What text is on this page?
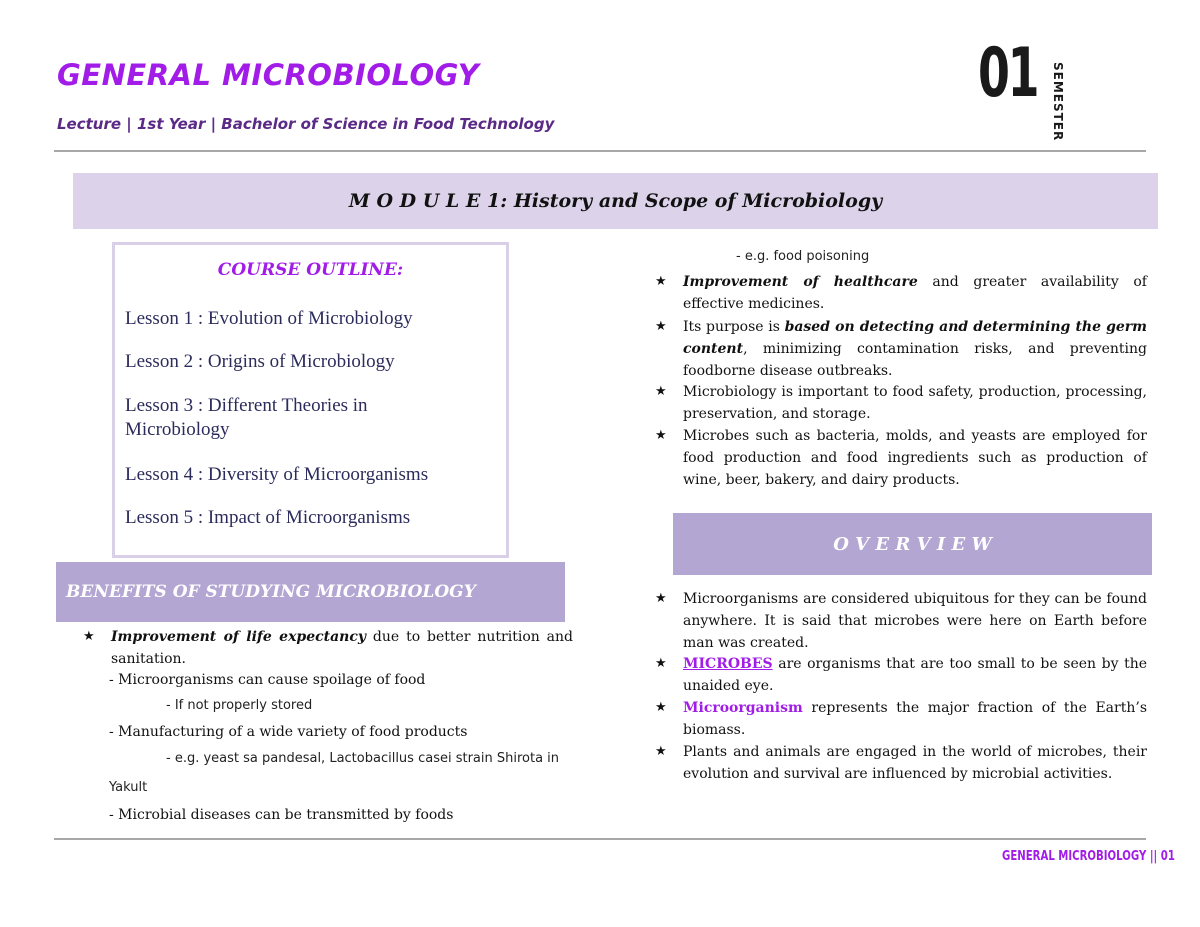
GENERAL MICROBIOLOGY
Lecture | 1st Year | Bachelor of Science in Food Technology
01 SEMESTER
M O D U L E 1: History and Scope of Microbiology
COURSE OUTLINE:
Lesson 1 : Evolution of Microbiology
Lesson 2 : Origins of Microbiology
Lesson 3 : Different Theories in Microbiology
Lesson 4 : Diversity of Microorganisms
Lesson 5 : Impact of Microorganisms
BENEFITS OF STUDYING MICROBIOLOGY
★	Improvement of life expectancy due to better nutrition and sanitation.
- Microorganisms can cause spoilage of food
- If not properly stored
- Manufacturing of a wide variety of food products
- e.g. yeast sa pandesal, Lactobacillus casei strain Shirota in
Yakult
- Microbial diseases can be transmitted by foods
- e.g. food poisoning
★	Improvement of healthcare and greater availability of effective medicines.
★	Its purpose is based on detecting and determining the germ content, minimizing contamination risks, and preventing foodborne disease outbreaks.
★	Microbiology is important to food safety, production, processing, preservation, and storage.
★	Microbes such as bacteria, molds, and yeasts are employed for food production and food ingredients such as production of wine, beer, bakery, and dairy products.
O V E R V I E W
★	Microorganisms are considered ubiquitous for they can be found anywhere. It is said that microbes were here on Earth before man was created.
★	MICROBES are organisms that are too small to be seen by the unaided eye.
★	Microorganism represents the major fraction of the Earth’s biomass.
★	Plants and animals are engaged in the world of microbes, their evolution and survival are influenced by microbial activities.
GENERAL MICROBIOLOGY || 01
